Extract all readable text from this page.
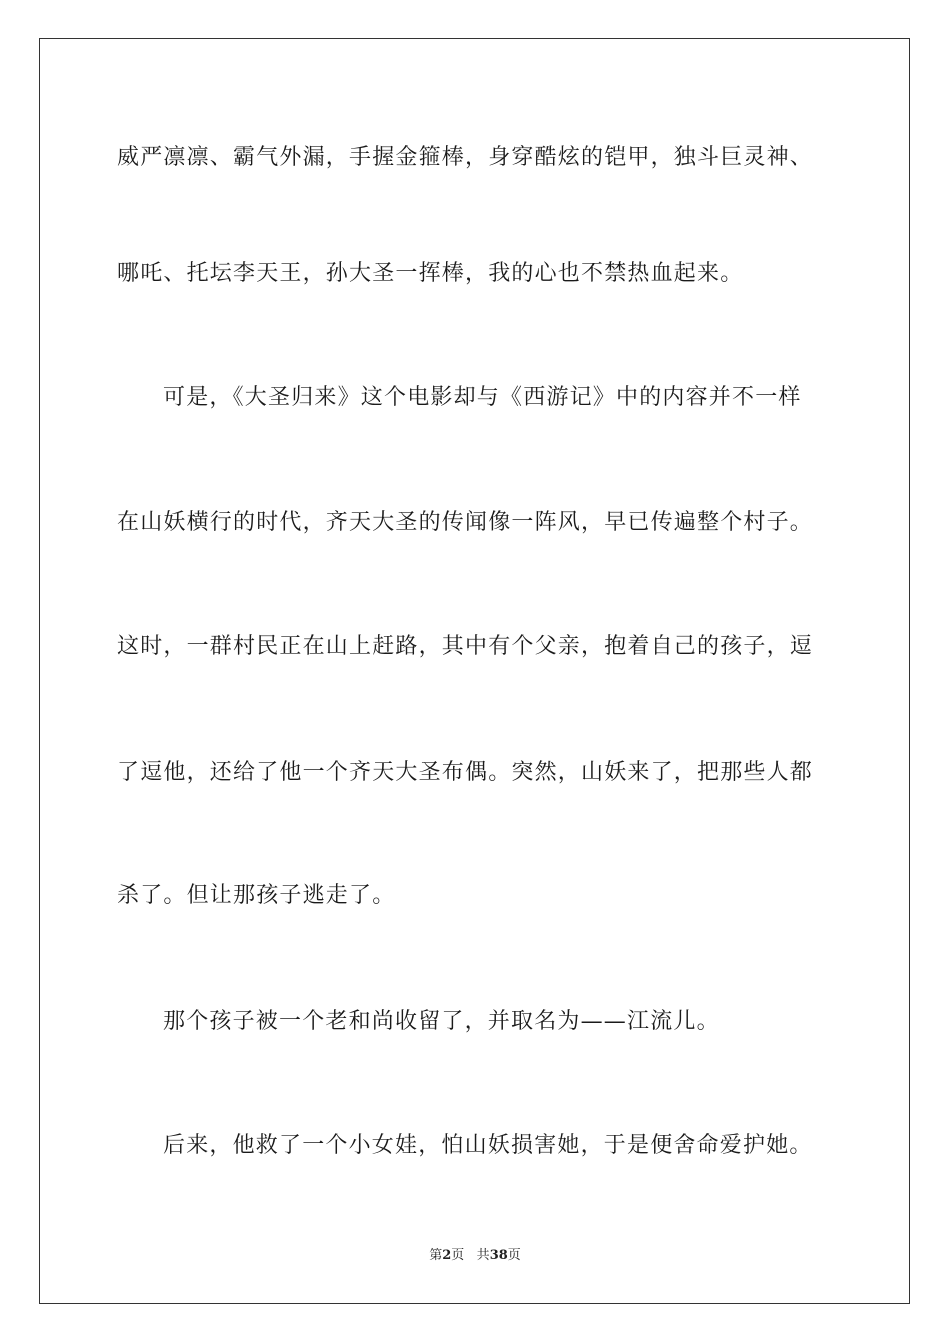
威严凛凛、霸气外漏，手握金箍棒，身穿酷炫的铠甲，独斗巨灵神、
哪吒、托坛李天王，孙大圣一挥棒，我的心也不禁热血起来。
可是，《大圣归来》这个电影却与《西游记》中的内容并不一样
在山妖横行的时代，齐天大圣的传闻像一阵风，早已传遍整个村子。
这时，一群村民正在山上赶路，其中有个父亲，抱着自己的孩子，逗
了逗他，还给了他一个齐天大圣布偶。突然，山妖来了，把那些人都
杀了。但让那孩子逃走了。
那个孩子被一个老和尚收留了，并取名为——江流儿。
后来，他救了一个小女娃，怕山妖损害她，于是便舍命爱护她。
第2页 共38页
